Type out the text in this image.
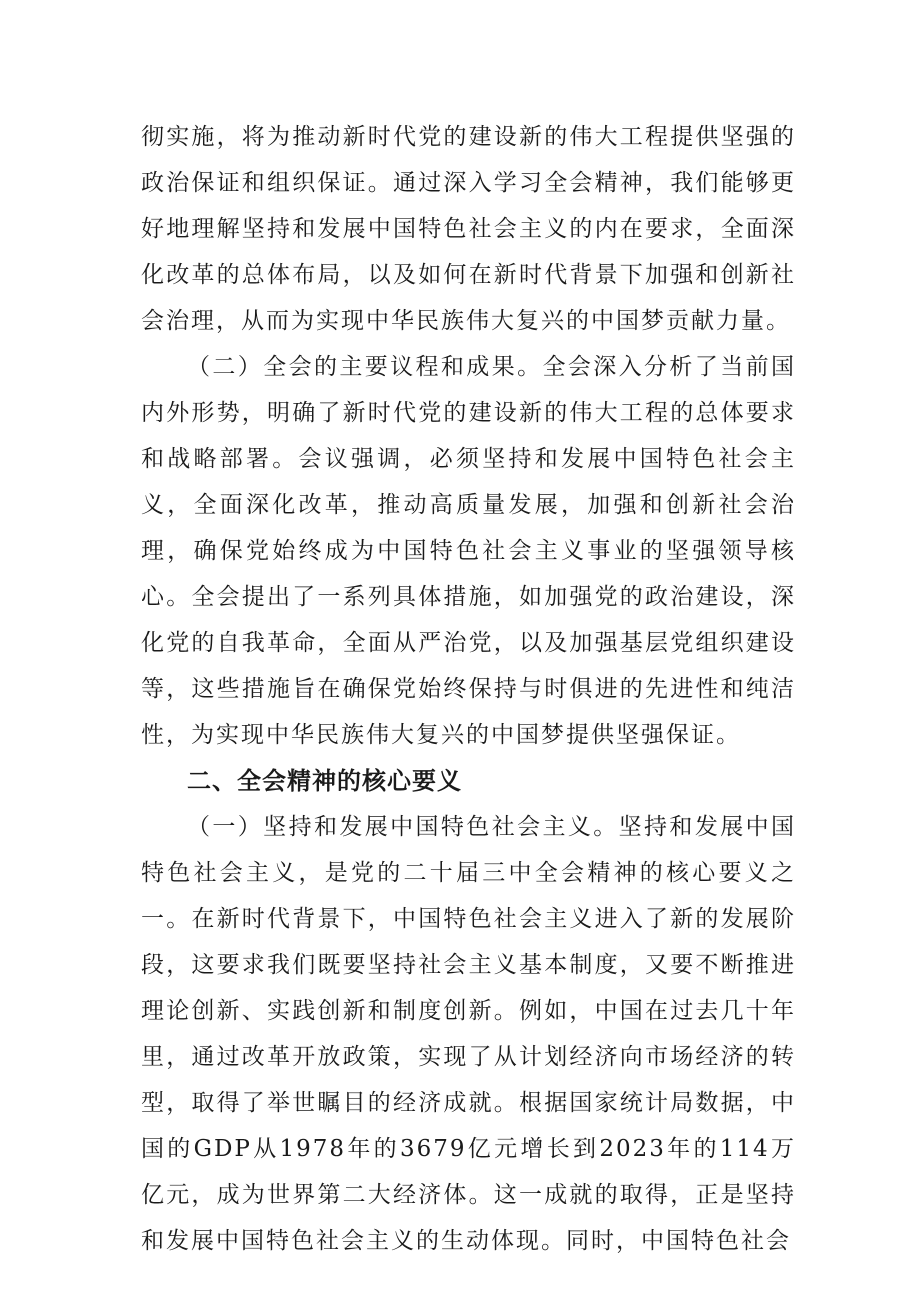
彻实施，将为推动新时代党的建设新的伟大工程提供坚强的政治保证和组织保证。通过深入学习全会精神，我们能够更好地理解坚持和发展中国特色社会主义的内在要求，全面深化改革的总体布局，以及如何在新时代背景下加强和创新社会治理，从而为实现中华民族伟大复兴的中国梦贡献力量。

（二）全会的主要议程和成果。全会深入分析了当前国内外形势，明确了新时代党的建设新的伟大工程的总体要求和战略部署。会议强调，必须坚持和发展中国特色社会主义，全面深化改革，推动高质量发展，加强和创新社会治理，确保党始终成为中国特色社会主义事业的坚强领导核心。全会提出了一系列具体措施，如加强党的政治建设，深化党的自我革命，全面从严治党，以及加强基层党组织建设等，这些措施旨在确保党始终保持与时俱进的先进性和纯洁性，为实现中华民族伟大复兴的中国梦提供坚强保证。

二、全会精神的核心要义

（一）坚持和发展中国特色社会主义。坚持和发展中国特色社会主义，是党的二十届三中全会精神的核心要义之一。在新时代背景下，中国特色社会主义进入了新的发展阶段，这要求我们既要坚持社会主义基本制度，又要不断推进理论创新、实践创新和制度创新。例如，中国在过去几十年里，通过改革开放政策，实现了从计划经济向市场经济的转型，取得了举世瞩目的经济成就。根据国家统计局数据，中国的GDP从1978年的3679亿元增长到2023年的114万亿元，成为世界第二大经济体。这一成就的取得，正是坚持和发展中国特色社会主义的生动体现。同时，中国特色社会
